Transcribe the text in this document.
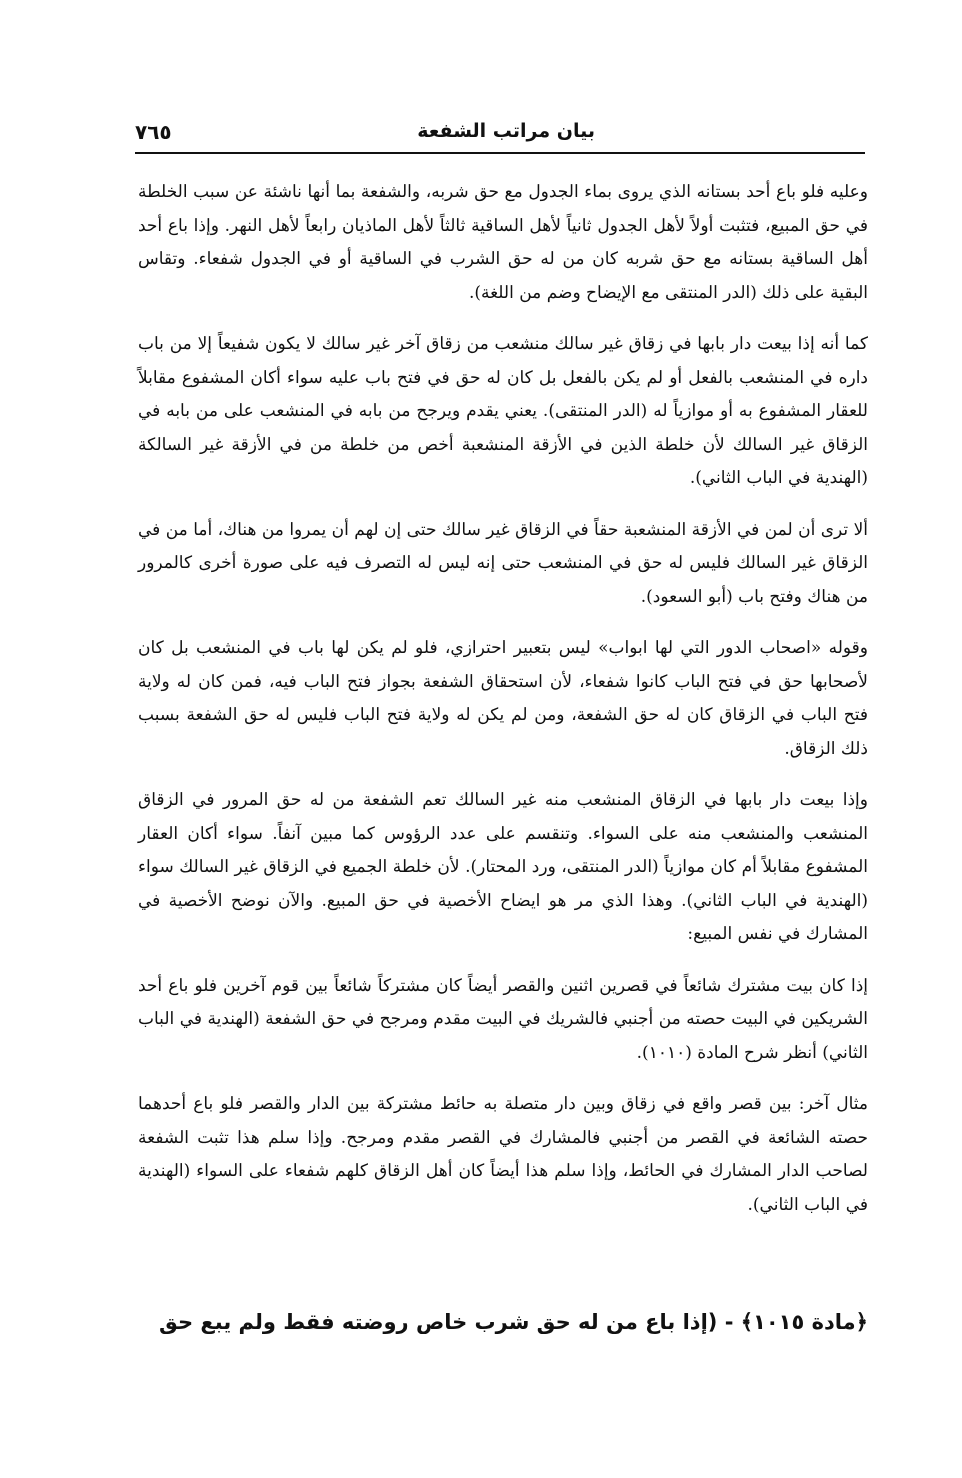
بيان مراتب الشفعة
٧٦٥

وعليه فلو باع أحد بستانه الذي يروى بماء الجدول مع حق شربه، والشفعة بما أنها ناشئة عن سبب الخلطة في حق المبيع، فتثبت أولاً لأهل الجدول ثانياً لأهل الساقية ثالثاً لأهل الماذيان رابعاً لأهل النهر. وإذا باع أحد أهل الساقية بستانه مع حق شربه كان من له حق الشرب في الساقية أو في الجدول شفعاء. وتقاس البقية على ذلك (الدر المنتقى مع الإيضاح وضم من اللغة).

كما أنه إذا بيعت دار بابها في زقاق غير سالك منشعب من زقاق آخر غير سالك لا يكون شفيعاً إلا من باب داره في المنشعب بالفعل أو لم يكن بالفعل بل كان له حق في فتح باب عليه سواء أكان المشفوع مقابلاً للعقار المشفوع به أو موازياً له (الدر المنتقى). يعني يقدم ويرجح من بابه في المنشعب على من بابه في الزقاق غير السالك لأن خلطة الذين في الأزقة المنشعبة أخص من خلطة من في الأزقة غير السالكة (الهندية في الباب الثاني).

ألا ترى أن لمن في الأزقة المنشعبة حقاً في الزقاق غير سالك حتى إن لهم أن يمروا من هناك، أما من في الزقاق غير السالك فليس له حق في المنشعب حتى إنه ليس له التصرف فيه على صورة أخرى كالمرور من هناك وفتح باب (أبو السعود).

وقوله «اصحاب الدور التي لها ابواب» ليس بتعبير احترازي، فلو لم يكن لها باب في المنشعب بل كان لأصحابها حق في فتح الباب كانوا شفعاء، لأن استحقاق الشفعة بجواز فتح الباب فيه، فمن كان له ولاية فتح الباب في الزقاق كان له حق الشفعة، ومن لم يكن له ولاية فتح الباب فليس له حق الشفعة بسبب ذلك الزقاق.

وإذا بيعت دار بابها في الزقاق المنشعب منه غير السالك تعم الشفعة من له حق المرور في الزقاق المنشعب والمنشعب منه على السواء. وتنقسم على عدد الرؤوس كما مبين آنفاً. سواء أكان العقار المشفوع مقابلاً أم كان موازياً (الدر المنتقى، ورد المحتار). لأن خلطة الجميع في الزقاق غير السالك سواء (الهندية في الباب الثاني). وهذا الذي مر هو ايضاح الأخصية في حق المبيع. والآن نوضح الأخصية في المشارك في نفس المبيع:

إذا كان بيت مشترك شائعاً في قصرين اثنين والقصر أيضاً كان مشتركاً شائعاً بين قوم آخرين فلو باع أحد الشريكين في البيت حصته من أجنبي فالشريك في البيت مقدم ومرجح في حق الشفعة (الهندية في الباب الثاني) أنظر شرح المادة (١٠١٠).

مثال آخر: بين قصر واقع في زقاق وبين دار متصلة به حائط مشتركة بين الدار والقصر فلو باع أحدهما حصته الشائعة في القصر من أجنبي فالمشارك في القصر مقدم ومرجح. وإذا سلم هذا تثبت الشفعة لصاحب الدار المشارك في الحائط، وإذا سلم هذا أيضاً كان أهل الزقاق كلهم شفعاء على السواء (الهندية في الباب الثاني).

﴿مادة ١٠١٥﴾ - (إذا باع من له حق شرب خاص روضته فقط ولم يبع حق
